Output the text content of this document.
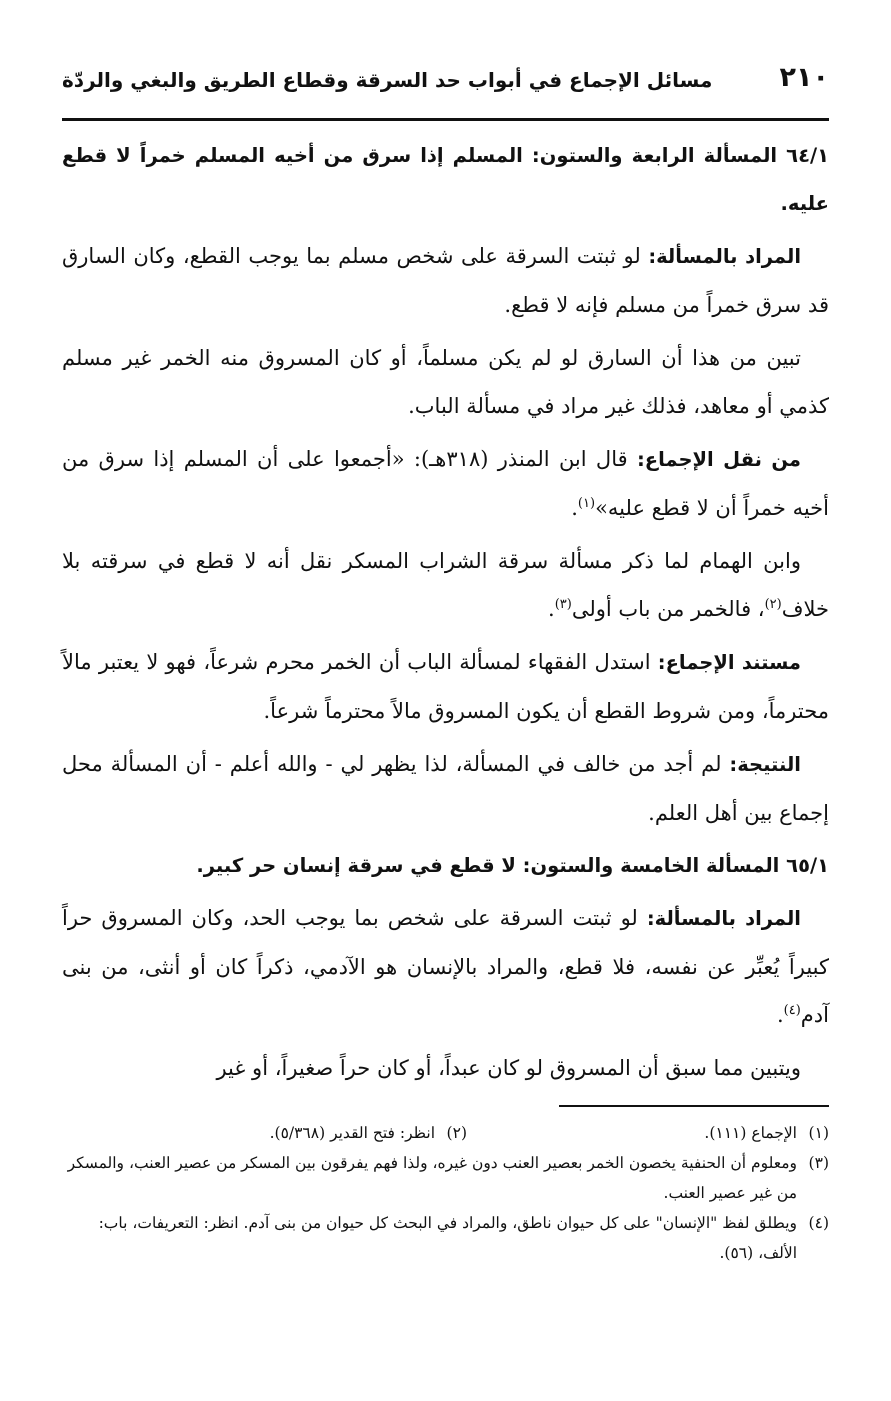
٢١٠
مسائل الإجماع في أبواب حد السرقة وقطاع الطريق والبغي والردّة

٦٤/١ المسألة الرابعة والستون: المسلم إذا سرق من أخيه المسلم خمراً لا قطع عليه.

المراد بالمسألة: لو ثبتت السرقة على شخص مسلم بما يوجب القطع، وكان السارق قد سرق خمراً من مسلم فإنه لا قطع.

تبين من هذا أن السارق لو لم يكن مسلماً، أو كان المسروق منه الخمر غير مسلم كذمي أو معاهد، فذلك غير مراد في مسألة الباب.

من نقل الإجماع: قال ابن المنذر (٣١٨هـ): «أجمعوا على أن المسلم إذا سرق من أخيه خمراً أن لا قطع عليه»$^{(١)}$.

وابن الهمام لما ذكر مسألة سرقة الشراب المسكر نقل أنه لا قطع في سرقته بلا خلاف$^{(٢)}$، فالخمر من باب أولى$^{(٣)}$.

مستند الإجماع: استدل الفقهاء لمسألة الباب أن الخمر محرم شرعاً، فهو لا يعتبر مالاً محترماً، ومن شروط القطع أن يكون المسروق مالاً محترماً شرعاً.

النتيجة: لم أجد من خالف في المسألة، لذا يظهر لي - والله أعلم - أن المسألة محل إجماع بين أهل العلم.

٦٥/١ المسألة الخامسة والستون: لا قطع في سرقة إنسان حر كبير.

المراد بالمسألة: لو ثبتت السرقة على شخص بما يوجب الحد، وكان المسروق حراً كبيراً يُعبِّر عن نفسه، فلا قطع، والمراد بالإنسان هو الآدمي، ذكراً كان أو أنثى، من بنى آدم$^{(٤)}$.

ويتبين مما سبق أن المسروق لو كان عبداً، أو كان حراً صغيراً، أو غير

(١)الإجماع (١١١).

(٢)انظر: فتح القدير (٥/٣٦٨).

(٣)ومعلوم أن الحنفية يخصون الخمر بعصير العنب دون غيره، ولذا فهم يفرقون بين المسكر من عصير العنب، والمسكر من غير عصير العنب.

(٤)ويطلق لفظ "الإنسان" على كل حيوان ناطق، والمراد في البحث كل حيوان من بنى آدم. انظر: التعريفات، باب: الألف، (٥٦).
